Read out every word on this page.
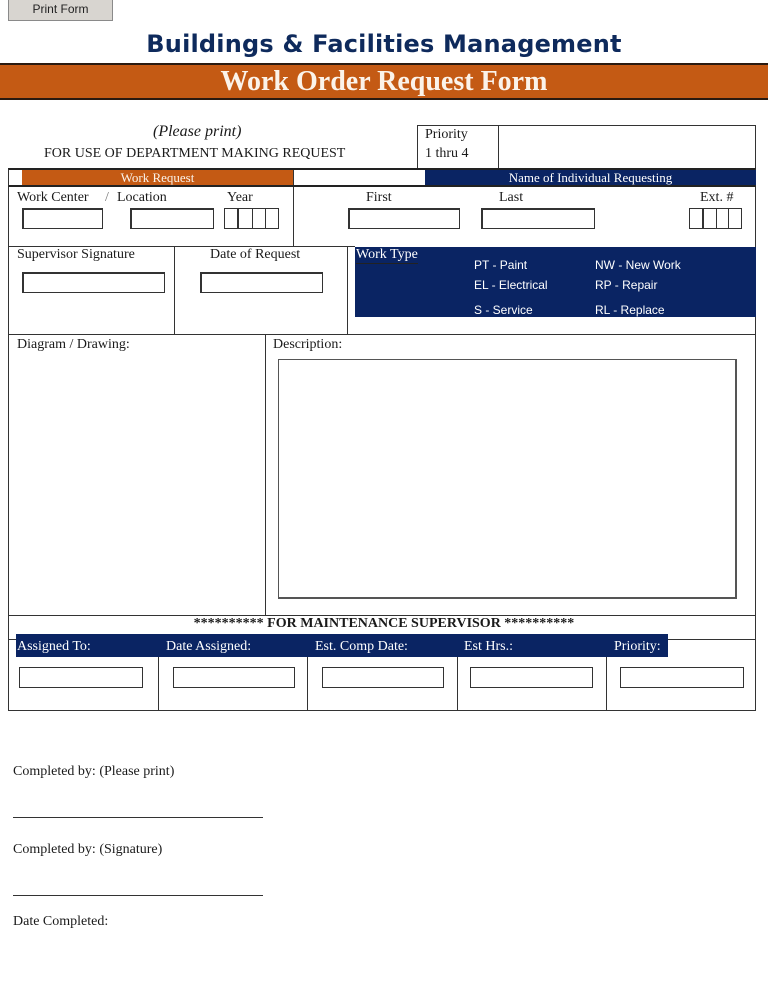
Print Form
Buildings & Facilities Management
Work Order Request Form
(Please print)
FOR USE OF DEPARTMENT MAKING REQUEST
Priority
1 thru 4
Work Request	Name of Individual Requesting
Work Center / Location	Year	First	Last	Ext. #
Supervisor Signature	Date of Request	Work Type
PT - Paint	NW - New Work
EL - Electrical	RP - Repair
S - Service	RL - Replace
Diagram / Drawing:	Description:
********** FOR MAINTENANCE SUPERVISOR **********
Assigned To:	Date Assigned:	Est. Comp Date:	Est Hrs.:	Priority:
Completed by: (Please print)
Completed by: (Signature)
Date Completed:
